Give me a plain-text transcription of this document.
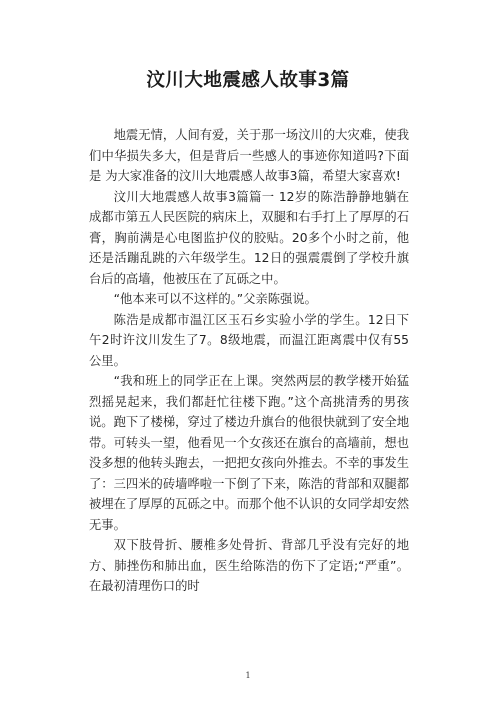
汶川大地震感人故事3篇

地震无情，人间有爱，关于那一场汶川的大灾难，使我们中华损失多大，但是背后一些感人的事迹你知道吗?下面是 为大家准备的汶川大地震感人故事3篇，希望大家喜欢!

汶川大地震感人故事3篇篇一 12岁的陈浩静静地躺在成都市第五人民医院的病床上，双腿和右手打上了厚厚的石膏，胸前满是心电图监护仪的胶贴。20多个小时之前，他还是活蹦乱跳的六年级学生。12日的强震震倒了学校升旗台后的高墙，他被压在了瓦砾之中。

“他本来可以不这样的。”父亲陈强说。

陈浩是成都市温江区玉石乡实验小学的学生。12日下午2时许汶川发生了7。8级地震，而温江距离震中仅有55公里。

“我和班上的同学正在上课。突然两层的教学楼开始猛烈摇晃起来，我们都赶忙往楼下跑。”这个高挑清秀的男孩说。跑下了楼梯，穿过了楼边升旗台的他很快就到了安全地带。可转头一望，他看见一个女孩还在旗台的高墙前，想也没多想的他转头跑去，一把把女孩向外推去。不幸的事发生了：三四米的砖墙哗啦一下倒了下来，陈浩的背部和双腿都被埋在了厚厚的瓦砾之中。而那个他不认识的女同学却安然无事。

双下肢骨折、腰椎多处骨折、背部几乎没有完好的地方、肺挫伤和肺出血，医生给陈浩的伤下了定语;“严重”。在最初清理伤口的时

1
